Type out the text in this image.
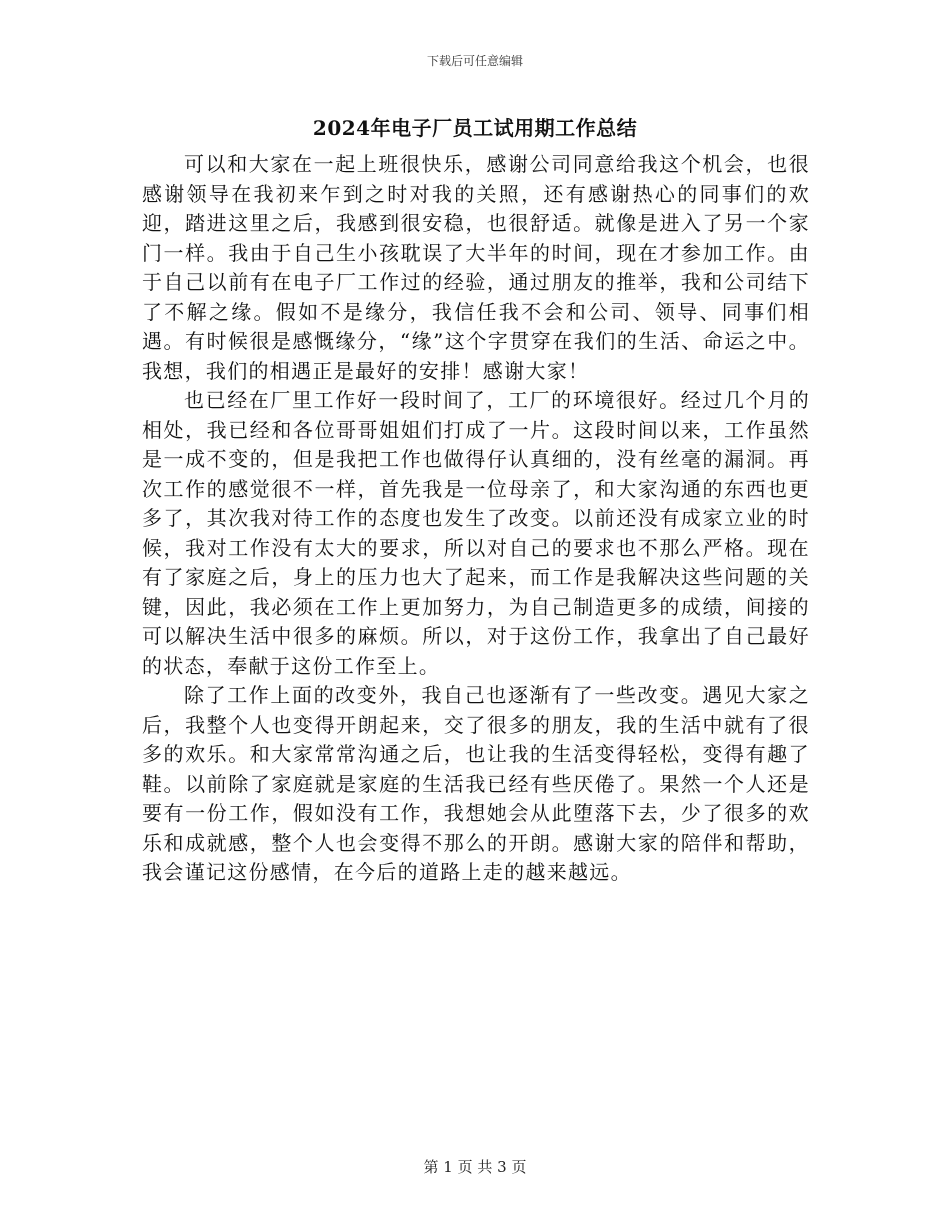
下载后可任意编辑
2024年电子厂员工试用期工作总结

可以和大家在一起上班很快乐，感谢公司同意给我这个机会，也很感谢领导在我初来乍到之时对我的关照，还有感谢热心的同事们的欢迎，踏进这里之后，我感到很安稳，也很舒适。就像是进入了另一个家门一样。我由于自己生小孩耽误了大半年的时间，现在才参加工作。由于自己以前有在电子厂工作过的经验，通过朋友的推举，我和公司结下了不解之缘。假如不是缘分，我信任我不会和公司、领导、同事们相遇。有时候很是感慨缘分，“缘”这个字贯穿在我们的生活、命运之中。我想，我们的相遇正是最好的安排！感谢大家！

也已经在厂里工作好一段时间了，工厂的环境很好。经过几个月的相处，我已经和各位哥哥姐姐们打成了一片。这段时间以来，工作虽然是一成不变的，但是我把工作也做得仔认真细的，没有丝毫的漏洞。再次工作的感觉很不一样，首先我是一位母亲了，和大家沟通的东西也更多了，其次我对待工作的态度也发生了改变。以前还没有成家立业的时候，我对工作没有太大的要求，所以对自己的要求也不那么严格。现在有了家庭之后，身上的压力也大了起来，而工作是我解决这些问题的关键，因此，我必须在工作上更加努力，为自己制造更多的成绩，间接的可以解决生活中很多的麻烦。所以，对于这份工作，我拿出了自己最好的状态，奉献于这份工作至上。

除了工作上面的改变外，我自己也逐渐有了一些改变。遇见大家之后，我整个人也变得开朗起来，交了很多的朋友，我的生活中就有了很多的欢乐。和大家常常沟通之后，也让我的生活变得轻松，变得有趣了鞋。以前除了家庭就是家庭的生活我已经有些厌倦了。果然一个人还是要有一份工作，假如没有工作，我想她会从此堕落下去，少了很多的欢乐和成就感，整个人也会变得不那么的开朗。感谢大家的陪伴和帮助，我会谨记这份感情，在今后的道路上走的越来越远。

第 1 页 共 3 页
